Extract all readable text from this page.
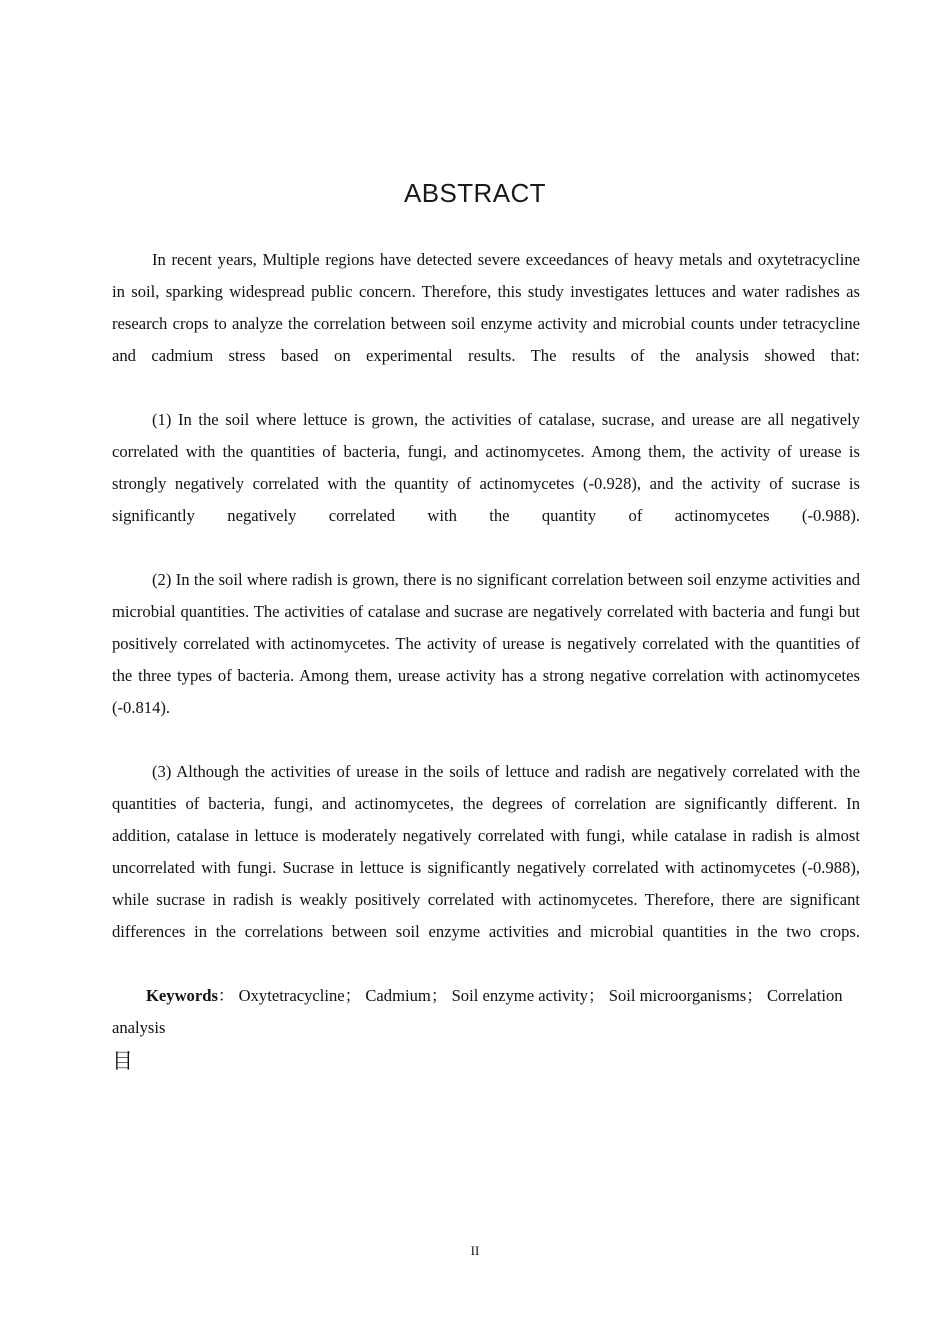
ABSTRACT

In recent years, Multiple regions have detected severe exceedances of heavy metals and oxytetracycline in soil, sparking widespread public concern. Therefore, this study investigates lettuces and water radishes as research crops to analyze the correlation between soil enzyme activity and microbial counts under tetracycline and cadmium stress based on experimental results. The results of the analysis showed that:

(1) In the soil where lettuce is grown, the activities of catalase, sucrase, and urease are all negatively correlated with the quantities of bacteria, fungi, and actinomycetes. Among them, the activity of urease is strongly negatively correlated with the quantity of actinomycetes (-0.928), and the activity of sucrase is significantly negatively correlated with the quantity of actinomycetes (-0.988).

(2) In the soil where radish is grown, there is no significant correlation between soil enzyme activities and microbial quantities. The activities of catalase and sucrase are negatively correlated with bacteria and fungi but positively correlated with actinomycetes. The activity of urease is negatively correlated with the quantities of the three types of bacteria. Among them, urease activity has a strong negative correlation with actinomycetes (-0.814).

(3) Although the activities of urease in the soils of lettuce and radish are negatively correlated with the quantities of bacteria, fungi, and actinomycetes, the degrees of correlation are significantly different. In addition, catalase in lettuce is moderately negatively correlated with fungi, while catalase in radish is almost uncorrelated with fungi. Sucrase in lettuce is significantly negatively correlated with actinomycetes (-0.988), while sucrase in radish is weakly positively correlated with actinomycetes. Therefore, there are significant differences in the correlations between soil enzyme activities and microbial quantities in the two crops.

Keywords： Oxytetracycline； Cadmium； Soil enzyme activity； Soil microorganisms； Correlation analysis

目

II
